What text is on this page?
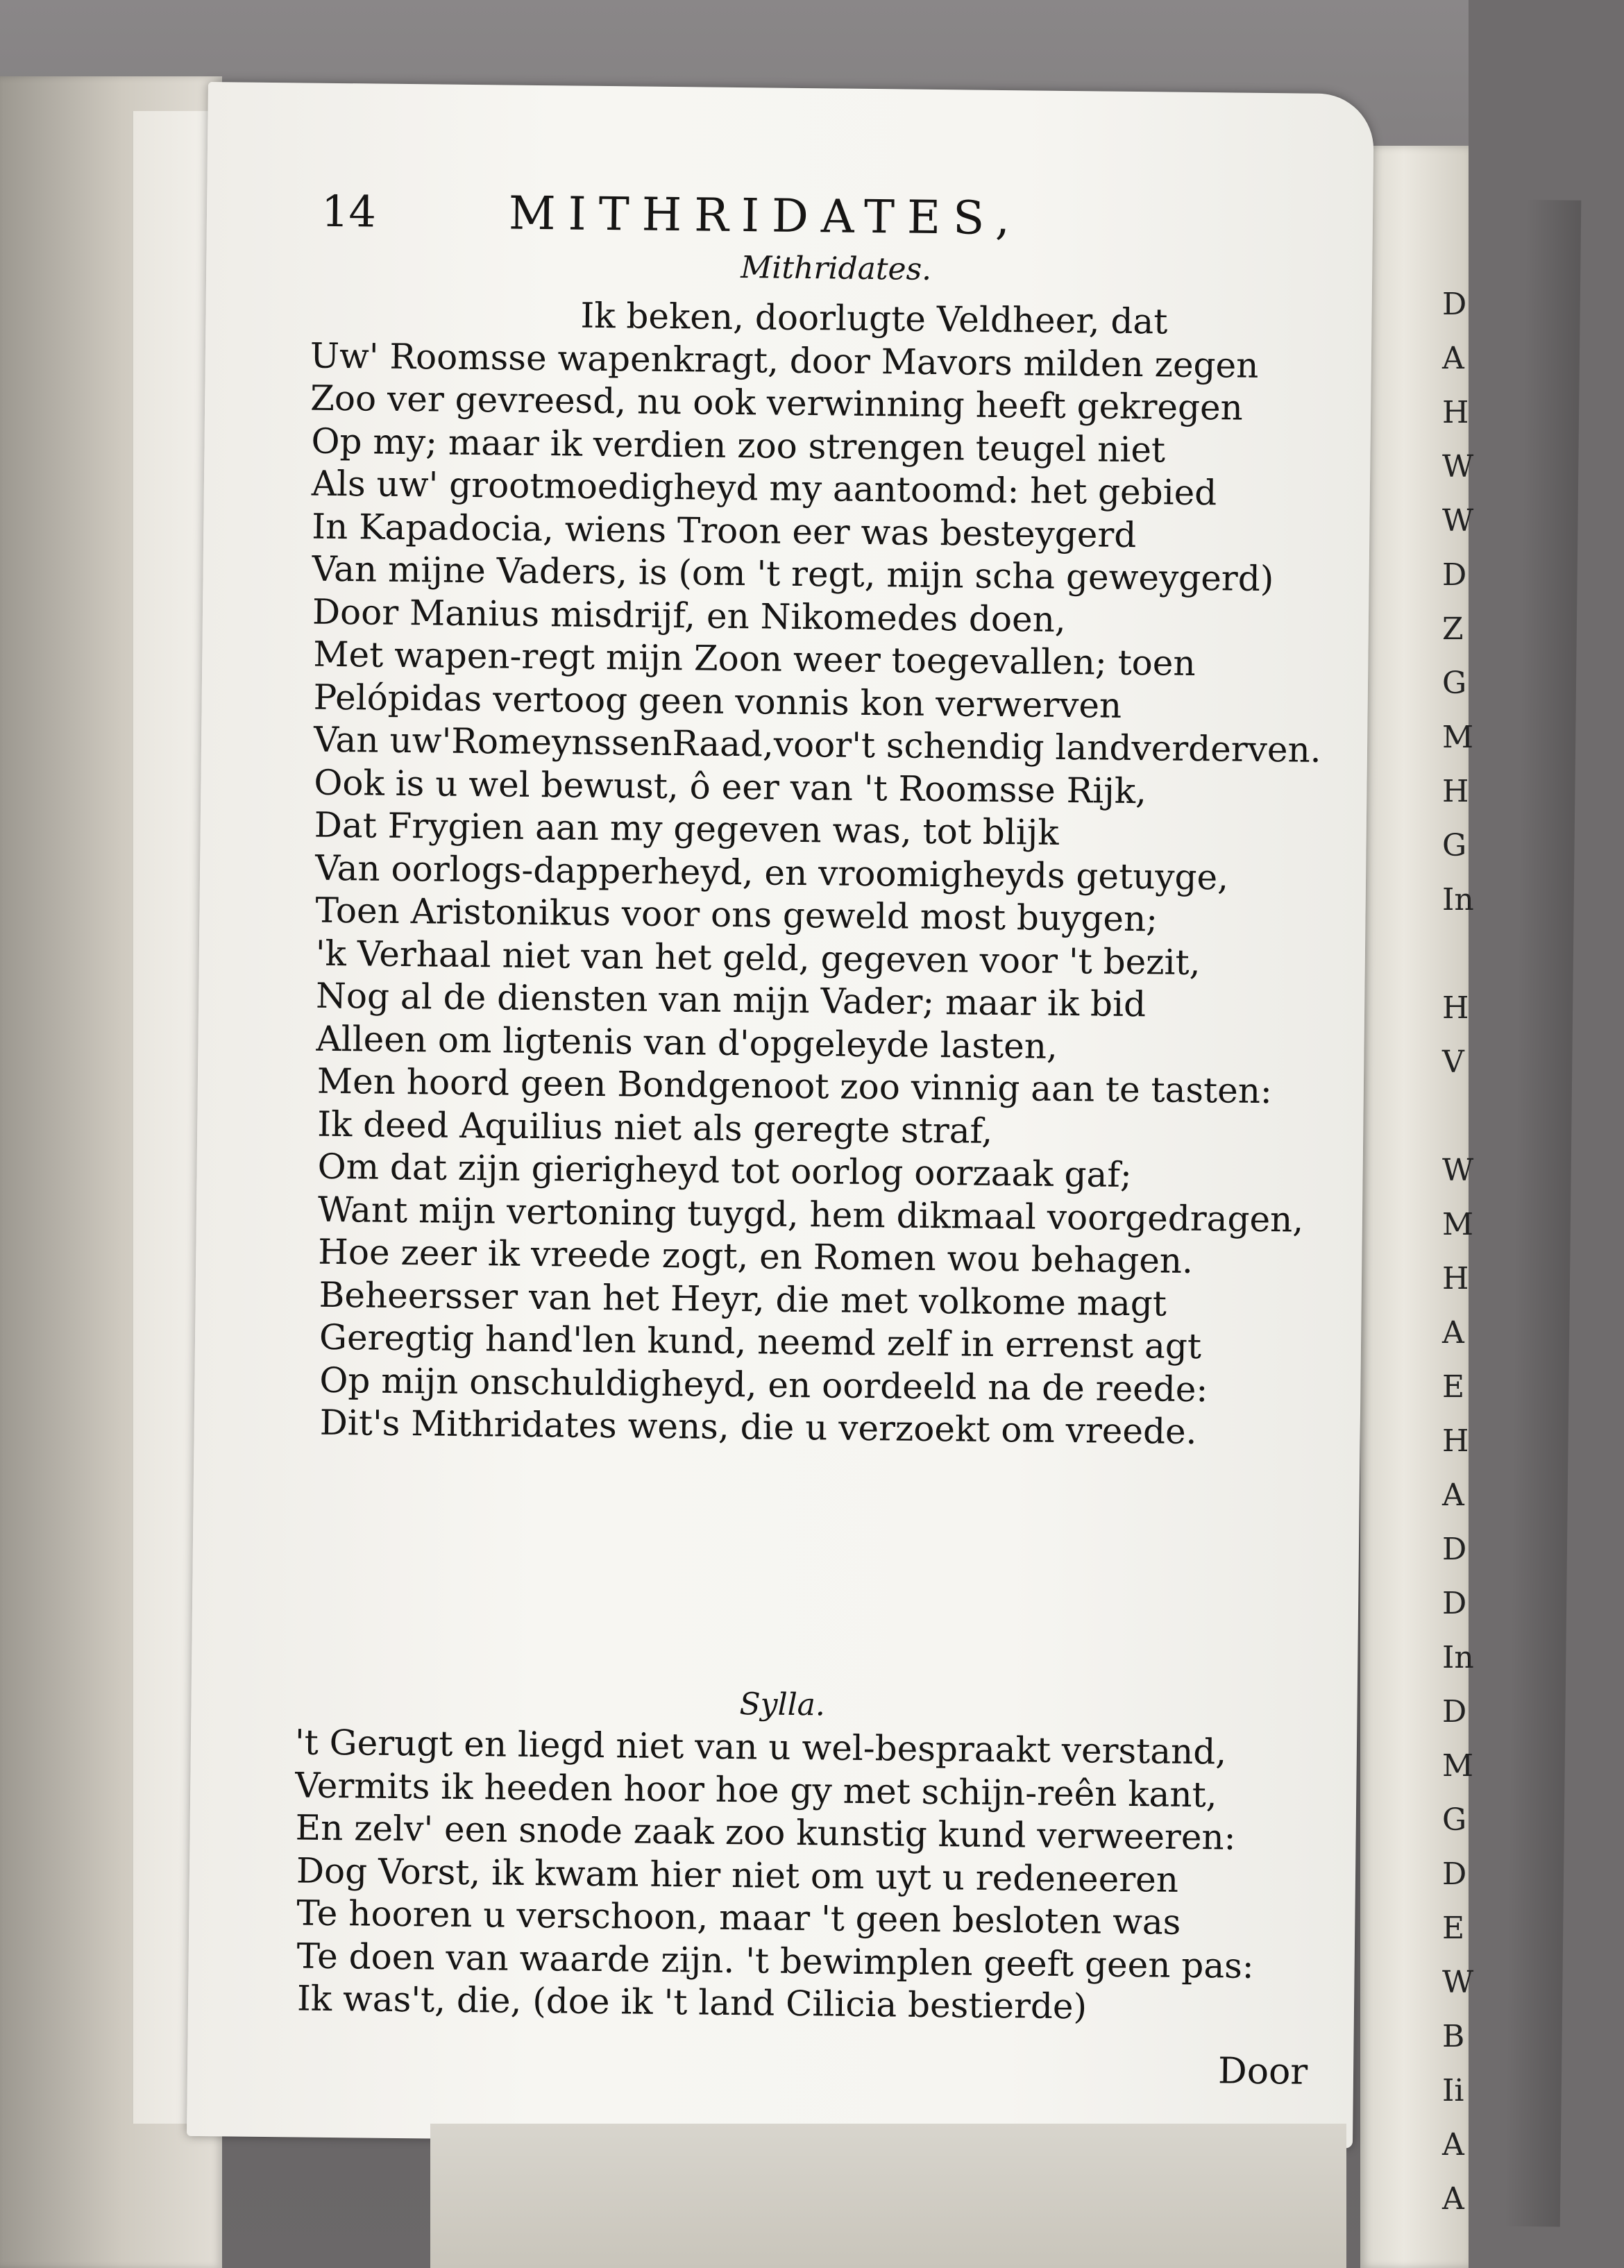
D
A
H
W
W
D
Z
G
M
H
G
In
H
V
W
M
H
A
E
H
A
D
D
In
D
M
G
D
E
W
B
Ii
A
A
14	MITHRIDATES,
Mithridates.
Sylla.
Door
Ik beken, doorlugte Veldheer, dat
Uw' Roomsse wapenkragt, door Mavors milden zegen
Zoo ver gevreesd, nu ook verwinning heeft gekregen
Op my; maar ik verdien zoo strengen teugel niet
Als uw' grootmoedigheyd my aantoomd: het gebied
In Kapadocia, wiens Troon eer was besteygerd
Van mijne Vaders, is (om 't regt, mijn scha geweygerd)
Door Manius misdrijf, en Nikomedes doen,
Met wapen-regt mijn Zoon weer toegevallen; toen
Pelópidas vertoog geen vonnis kon verwerven
Van uw'RomeynssenRaad,voor't schendig landverderven.
Ook is u wel bewust, ô eer van 't Roomsse Rijk,
Dat Frygien aan my gegeven was, tot blijk
Van oorlogs-dapperheyd, en vroomigheyds getuyge,
Toen Aristonikus voor ons geweld most buygen;
'k Verhaal niet van het geld, gegeven voor 't bezit,
Nog al de diensten van mijn Vader; maar ik bid
Alleen om ligtenis van d'opgeleyde lasten,
Men hoord geen Bondgenoot zoo vinnig aan te tasten:
Ik deed Aquilius niet als geregte straf,
Om dat zijn gierigheyd tot oorlog oorzaak gaf;
Want mijn vertoning tuygd, hem dikmaal voorgedragen,
Hoe zeer ik vreede zogt, en Romen wou behagen.
Beheersser van het Heyr, die met volkome magt
Geregtig hand'len kund, neemd zelf in errenst agt
Op mijn onschuldigheyd, en oordeeld na de reede:
Dit's Mithridates wens, die u verzoekt om vreede.
't Gerugt en liegd niet van u wel-bespraakt verstand,
Vermits ik heeden hoor hoe gy met schijn-reên kant,
En zelv' een snode zaak zoo kunstig kund verweeren:
Dog Vorst, ik kwam hier niet om uyt u redeneeren
Te hooren u verschoon, maar 't geen besloten was
Te doen van waarde zijn. 't bewimplen geeft geen pas:
Ik was't, die, (doe ik 't land Cilicia bestierde)
